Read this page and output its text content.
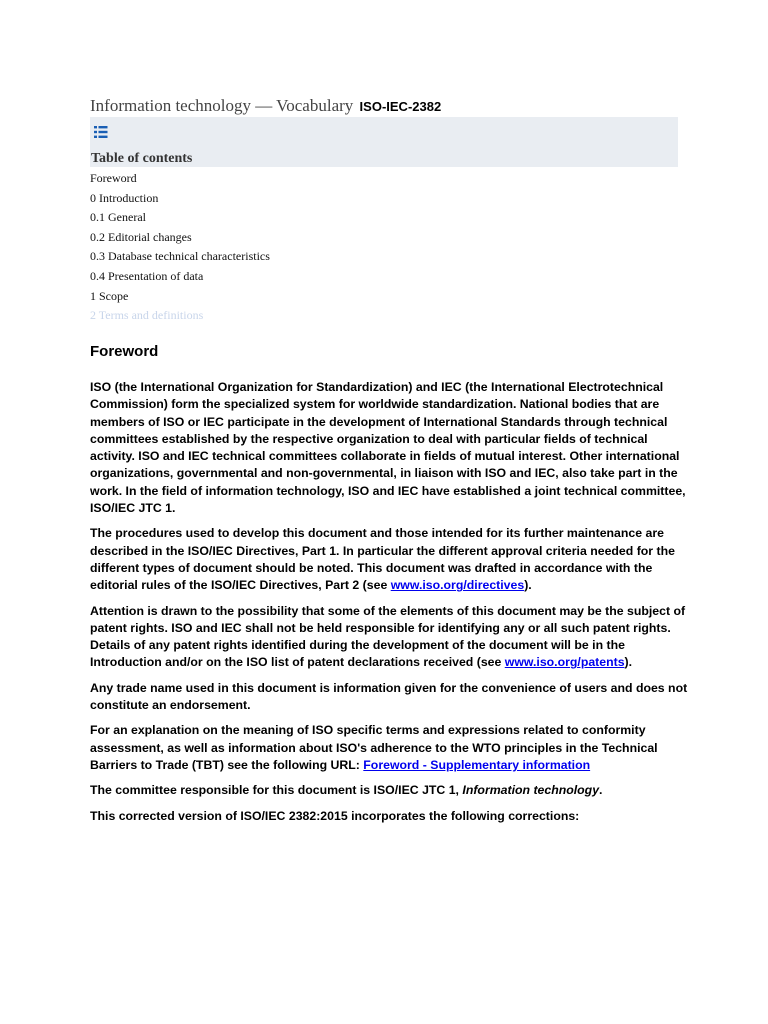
Information technology — Vocabulary ISO-IEC-2382
Table of contents
Foreword
0 Introduction
0.1 General
0.2 Editorial changes
0.3 Database technical characteristics
0.4 Presentation of data
1 Scope
2 Terms and definitions
Foreword

ISO (the International Organization for Standardization) and IEC (the International Electrotechnical Commission) form the specialized system for worldwide standardization. National bodies that are members of ISO or IEC participate in the development of International Standards through technical committees established by the respective organization to deal with particular fields of technical activity. ISO and IEC technical committees collaborate in fields of mutual interest. Other international organizations, governmental and non-governmental, in liaison with ISO and IEC, also take part in the work. In the field of information technology, ISO and IEC have established a joint technical committee, ISO/IEC JTC 1.

The procedures used to develop this document and those intended for its further maintenance are described in the ISO/IEC Directives, Part 1. In particular the different approval criteria needed for the different types of document should be noted. This document was drafted in accordance with the editorial rules of the ISO/IEC Directives, Part 2 (see www.iso.org/directives).

Attention is drawn to the possibility that some of the elements of this document may be the subject of patent rights. ISO and IEC shall not be held responsible for identifying any or all such patent rights. Details of any patent rights identified during the development of the document will be in the Introduction and/or on the ISO list of patent declarations received (see www.iso.org/patents).

Any trade name used in this document is information given for the convenience of users and does not constitute an endorsement.

For an explanation on the meaning of ISO specific terms and expressions related to conformity assessment, as well as information about ISO's adherence to the WTO principles in the Technical Barriers to Trade (TBT) see the following URL: Foreword - Supplementary information

The committee responsible for this document is ISO/IEC JTC 1, Information technology.

This corrected version of ISO/IEC 2382:2015 incorporates the following corrections:
